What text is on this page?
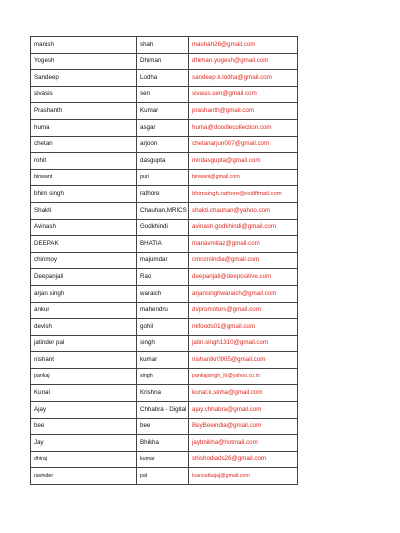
manish	shah	mashah26@gmail.com
Yogesh	Dhiman	dhiman.yogesh@gmail.com
Sandeep	Lodha	sandeep.k.lodha@gmail.com
sivasis	sen	sivasis.sen@gmail.com
Prashanth	Kumar	prashanth@gmail.com
huma	asgar	huma@doodlecollection.com
chetan	arjoon	chetanarjun007@gmail.com
rohit	dasgupta	mirdasgupta@gmail.com
binwant	puri	binwant@gmail.com
bhim singh	rathore	bhimsingh.rathore@rediffmail.com
Shakti	Chauhan,MRICS	shakti.chauhan@yahoo.com
Avinash	Godkhindi	avinash.godkhindi@gmail.com
DEEPAK	BHATIA	manavmitaz@gmail.com
chinmoy	majumdar	cmnzniindia@gmail.com
Deepanjali	Rao	deepanjali@deepositive.com
arjan singh	waraich	arjansinghwaraich@gmail.com
ankur	mahendru	dvpromotors@gmail.com
devish	gohil	nkfoods01@gmail.com
jatinder pal	singh	jatin.singh1310@gmail.com
nishant	kumar	nishantkr0905@gmail.com
pankaj	singh	pankajsingh_hl@yahoo.co.in
Kunal	Krishna	kunal.k.sinha@gmail.com
Ajay	Chhabra - Digital	ajay.chhabra@gmail.com
bee	bee	BeyBeeindia@gmail.com
Jay	Bhikha	jaybhikha@hotmail.com
dhiraj	kumar	shishodiads26@gmail.com
ravinder	pal	loansatbajaj@gmail.com
